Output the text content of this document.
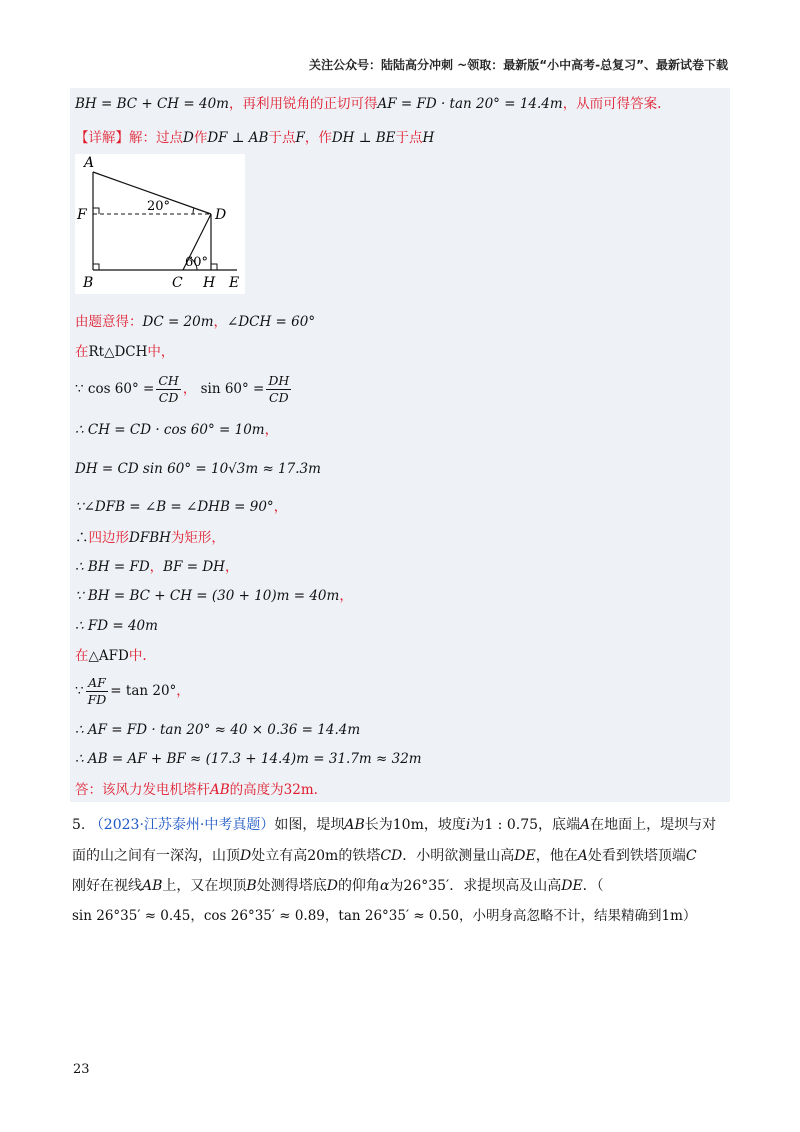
关注公众号：陆陆高分冲刺 ~领取：最新版“小中高考-总复习”、最新试卷下载
BH = BC + CH = 40m，再利用锐角的正切可得AF = FD · tan 20° = 14.4m，从而可得答案.
【详解】解：过点D作DF ⊥ AB于点F，作DH ⊥ BE于点H
A
F
B	C H E
D
20°
60°
由题意得：DC = 20m，∠DCH = 60°
在Rt△DCH中，
∵ $\cos 60^\circ = \frac{CH}{CD}$ ， $\sin 60^\circ = \frac{DH}{CD}$
∴ CH = CD · cos 60° = 10m，
DH = CD sin 60° = 10√3m ≈ 17.3m
∵∠DFB = ∠B = ∠DHB = 90°，
∴四边形DFBH为矩形，
∴ BH = FD，BF = DH，
∵ BH = BC + CH = (30 + 10)m = 40m，
∴ FD = 40m
在△AFD中.
∵ $\frac{AF}{FD} = \tan 20^\circ$，
∴ AF = FD · tan 20° ≈ 40 × 0.36 = 14.4m
∴ AB = AF + BF ≈ (17.3 + 14.4)m = 31.7m ≈ 32m
答：该风力发电机塔杆AB的高度为32m.
5. （2023·江苏泰州·中考真题）如图，堤坝AB长为10m，坡度i为1 : 0.75，底端A在地面上，堤坝与对
面的山之间有一深沟，山顶D处立有高20m的铁塔CD．小明欲测量山高DE，他在A处看到铁塔顶端C
刚好在视线AB上，又在坝顶B处测得塔底D的仰角α为26°35′．求提坝高及山高DE．（
sin 26°35′ ≈ 0.45，cos 26°35′ ≈ 0.89，tan 26°35′ ≈ 0.50，小明身高忽略不计，结果精确到1m）
23
